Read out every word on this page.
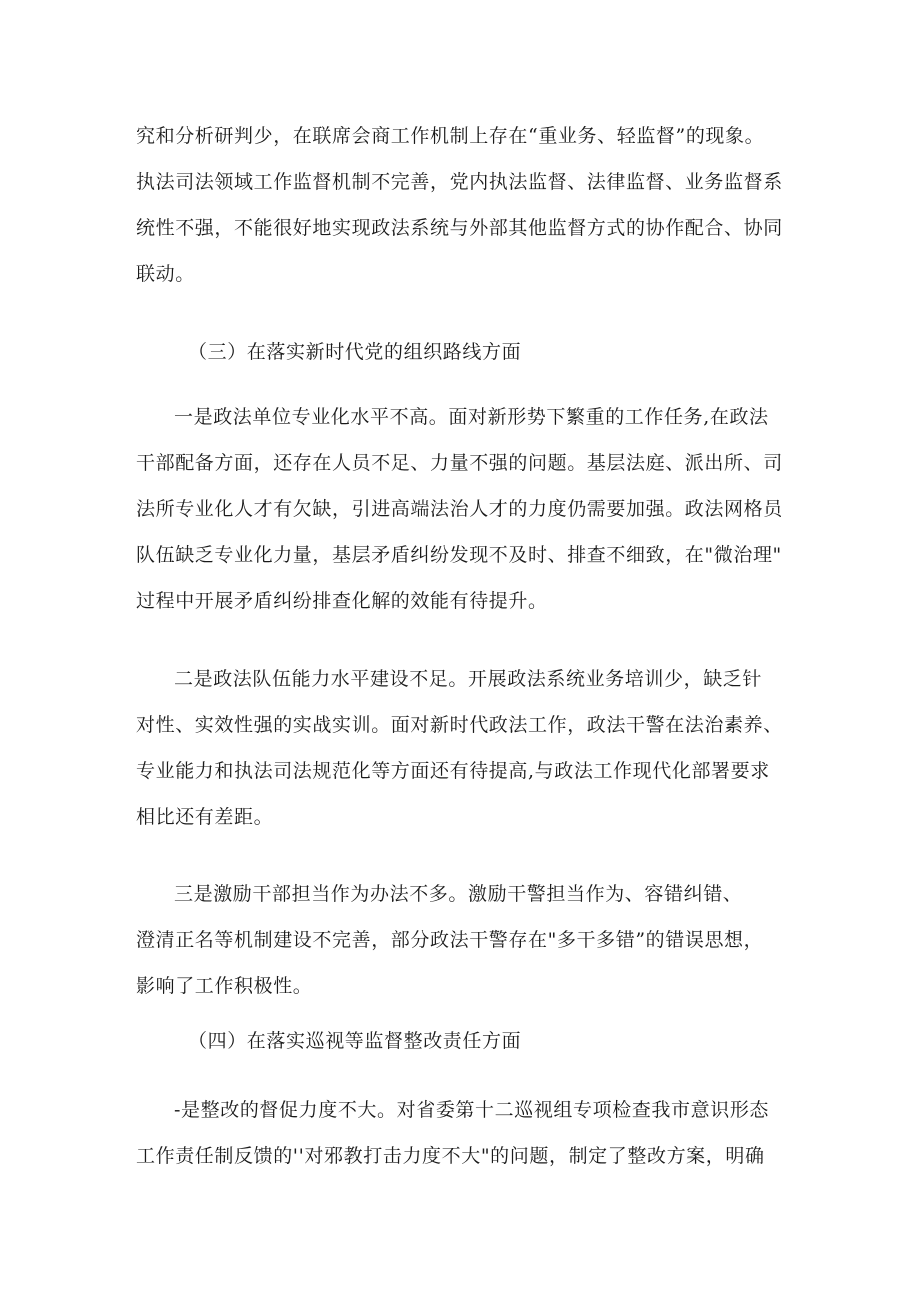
究和分析研判少，在联席会商工作机制上存在“重业务、轻监督”的现象。
执法司法领域工作监督机制不完善，党内执法监督、法律监督、业务监督系
统性不强，不能很好地实现政法系统与外部其他监督方式的协作配合、协同
联动。
（三）在落实新时代党的组织路线方面
一是政法单位专业化水平不高。面对新形势下繁重的工作任务,在政法
干部配备方面，还存在人员不足、力量不强的问题。基层法庭、派出所、司
法所专业化人才有欠缺，引进高端法治人才的力度仍需要加强。政法网格员
队伍缺乏专业化力量，基层矛盾纠纷发现不及时、排查不细致，在"微治理"
过程中开展矛盾纠纷排查化解的效能有待提升。
二是政法队伍能力水平建设不足。开展政法系统业务培训少，缺乏针
对性、实效性强的实战实训。面对新时代政法工作，政法干警在法治素养、
专业能力和执法司法规范化等方面还有待提高,与政法工作现代化部署要求
相比还有差距。
三是激励干部担当作为办法不多。激励干警担当作为、容错纠错、
澄清正名等机制建设不完善，部分政法干警存在"多干多错”的错误思想，
影响了工作积极性。
（四）在落实巡视等监督整改责任方面
-是整改的督促力度不大。对省委第十二巡视组专项检查我市意识形态
工作责任制反馈的''对邪教打击力度不大"的问题，制定了整改方案，明确
